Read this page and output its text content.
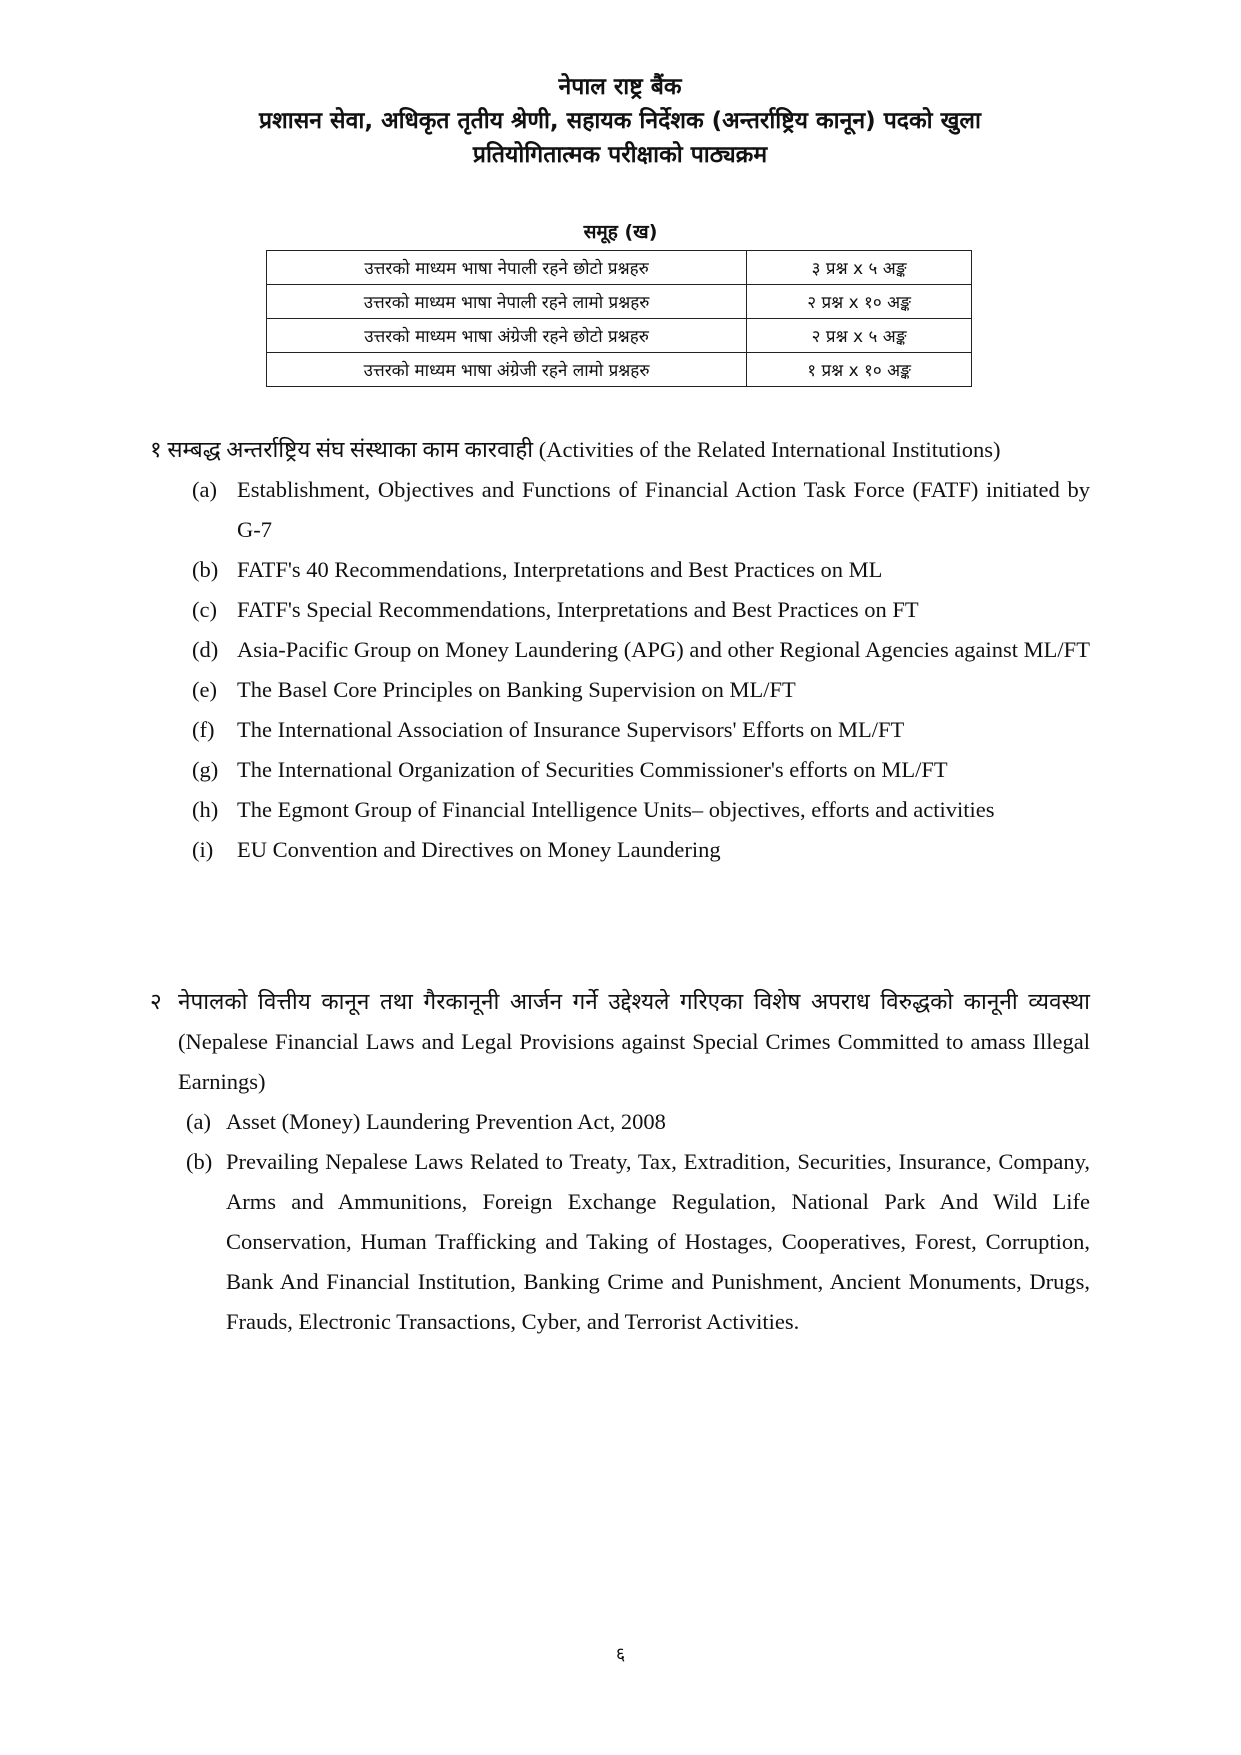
नेपाल राष्ट्र बैंक
प्रशासन सेवा, अधिकृत तृतीय श्रेणी, सहायक निर्देशक (अन्तर्राष्ट्रिय कानून) पदको खुला
प्रतियोगितात्मक परीक्षाको पाठ्यक्रम
समूह (ख)
उत्तरको माध्यम भाषा नेपाली रहने छोटो प्रश्नहरु	३ प्रश्न x ५ अङ्क
उत्तरको माध्यम भाषा नेपाली रहने लामो प्रश्नहरु	२ प्रश्न x १० अङ्क
उत्तरको माध्यम भाषा अंग्रेजी रहने छोटो प्रश्नहरु	२ प्रश्न x ५ अङ्क
उत्तरको माध्यम भाषा अंग्रेजी रहने लामो प्रश्नहरु	१ प्रश्न x १० अङ्क

१ सम्बद्ध अन्तर्राष्ट्रिय संघ संस्थाका काम कारवाही (Activities of the Related International Institutions)

(a) Establishment, Objectives and Functions of Financial Action Task Force (FATF) initiated by G-7
(b) FATF's 40 Recommendations, Interpretations and Best Practices on ML
(c) FATF's Special Recommendations, Interpretations and Best Practices on FT
(d) Asia-Pacific Group on Money Laundering (APG) and other Regional Agencies against ML/FT
(e) The Basel Core Principles on Banking Supervision on ML/FT
(f)	The International Association of Insurance Supervisors' Efforts on ML/FT
(g) The International Organization of Securities Commissioner's efforts on ML/FT
(h) The Egmont Group of Financial Intelligence Units– objectives, efforts and activities
(i)	EU Convention and Directives on Money Laundering
२ नेपालको वित्तीय कानून तथा गैरकानूनी आर्जन गर्ने उद्देश्यले गरिएका विशेष अपराध विरुद्धको कानूनी व्यवस्था (Nepalese Financial Laws and Legal Provisions against Special Crimes Committed to amass Illegal Earnings)
(a) Asset (Money) Laundering Prevention Act, 2008
(b) Prevailing Nepalese Laws Related to Treaty, Tax, Extradition, Securities, Insurance, Company, Arms and Ammunitions, Foreign Exchange Regulation, National Park And Wild Life Conservation, Human Trafficking and Taking of Hostages, Cooperatives, Forest, Corruption, Bank And Financial Institution, Banking Crime and Punishment, Ancient Monuments, Drugs, Frauds, Electronic Transactions, Cyber, and Terrorist Activities.
६
